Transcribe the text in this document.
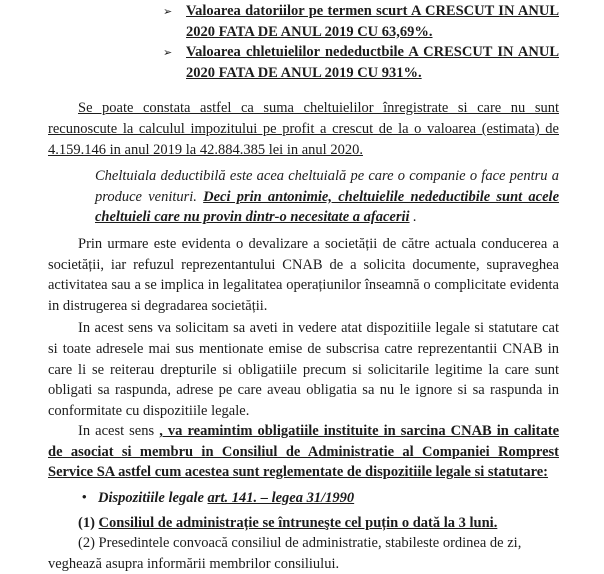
➢ Valoarea datoriilor pe termen scurt A CRESCUT IN ANUL 2020 FATA DE ANUL 2019 CU 63,69%.
➢ Valoarea chletuielilor nedeductbile A CRESCUT IN ANUL 2020 FATA DE ANUL 2019 CU 931%.

Se poate constata astfel ca suma cheltuielilor înregistrate si care nu sunt recunoscute la calculul impozitului pe profit a crescut de la o valoarea (estimata) de 4.159.146 in anul 2019 la 42.884.385 lei in anul 2020.

Cheltuiala deductibilă este acea cheltuială pe care o companie o face pentru a produce venituri. Deci prin antonimie, cheltuielile nedeductibile sunt acele cheltuieli care nu provin dintr-o necesitate a afacerii .

Prin urmare este evidenta o devalizare a societății de către actuala conducerea a societății, iar refuzul reprezentantului CNAB de a solicita documente, supraveghea activitatea sau a se implica in legalitatea operațiunilor înseamnă o complicitate evidenta in distrugerea si degradarea societății.

In acest sens va solicitam sa aveti in vedere atat dispozitiile legale si statutare cat si toate adresele mai sus mentionate emise de subscrisa catre reprezentantii CNAB in care li se reiterau drepturile si obligatiile precum si solicitarile legitime la care sunt obligati sa raspunda, adrese pe care aveau obligatia sa nu le ignore si sa raspunda in conformitate cu dispozitiile legale.

In acest sens , va reamintim obligatiile instituite in sarcina CNAB in calitate de asociat si membru in Consiliul de Administratie al Companiei Romprest Service SA astfel cum acestea sunt reglementate de dispozitiile legale si statutare:

• Dispozitiile legale art. 141. – legea 31/1990

(1) Consiliul de administrație se întruneşte cel puțin o dată la 3 luni.

(2) Presedintele convoacă consiliul de administratie, stabileste ordinea de zi, veghează asupra informării membrilor consiliului.
